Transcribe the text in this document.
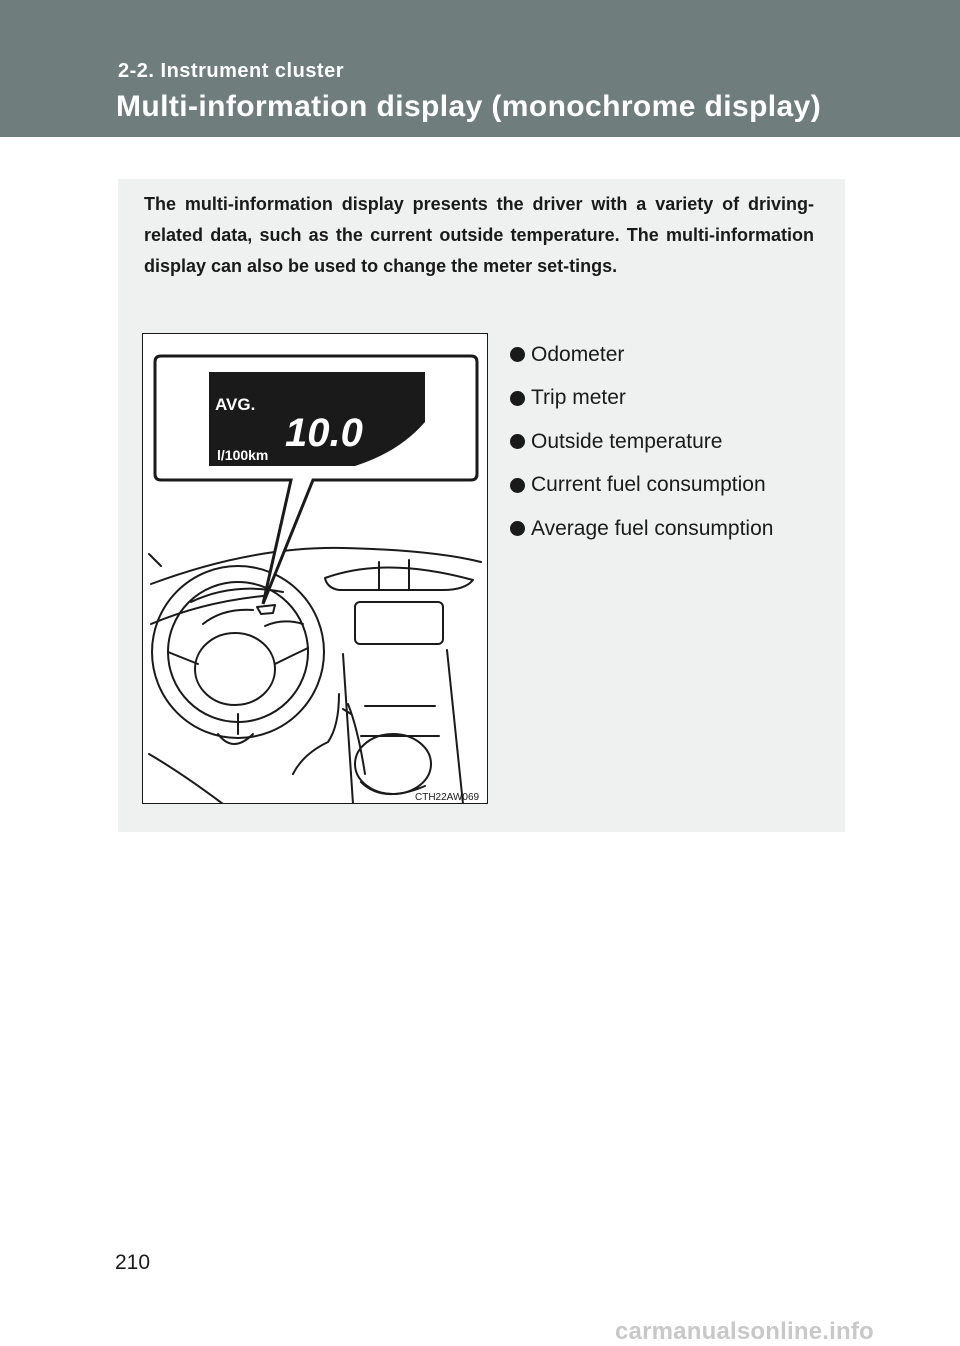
2-2. Instrument cluster
Multi-information display (monochrome display)
The multi-information display presents the driver with a variety of driving-related data, such as the current outside temperature. The multi-information display can also be used to change the meter set-tings.
AVG.
10.0
l/100km
CTH22AW069
Odometer
Trip meter
Outside temperature
Current fuel consumption
Average fuel consumption
210
carmanualsonline.info
